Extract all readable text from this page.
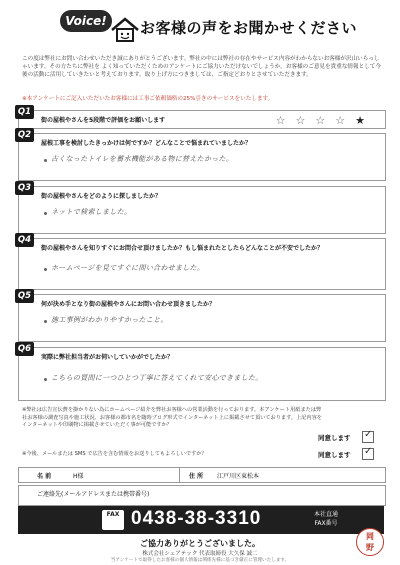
Voice!	お客様の声をお聞かせください
この度は弊社にお問い合わせいただき誠にありがとうございます。弊社の中には弊社の存在やサービス内容がわからないお客様が沢山いらっしゃいます。その方たちに弊社を よく知っていただくためのアンケートにご協力いただけないでしょうか。お客様のご意見を貴重な情報として今後の活動に活用していきたいと考えております。取り上げ方につきましては、ご指定どおりとさせていただきます。
※本アンケートにご記入いただいたお客様には工事ご依頼価格の25%引きのサービスをいたします。
Q1
街の屋根やさんを5段階で評価をお願いします	☆☆☆☆★
Q2
屋根工事を検討したきっかけは何ですか？どんなことで悩まれていましたか？
古くなったトイレを蓄水機能がある物に替えたかった。
Q3
街の屋根やさんをどのように探しましたか？
ネットで検索しました。
Q4
街の屋根やさんを知りすぐにお問合せ頂けましたか？もし悩まれたとしたらどんなことが不安でしたか？
ホームページを見てすぐに問い合わせました。
Q5
何が決め手となり街の屋根やさんにお問い合わせ頂きましたか？
施工事例がわかりやすかったこと。
Q6
実際に弊社担当者がお伺いしていかがでしたか？
こちらの質問に一つひとつ丁寧に答えてくれて安心できました。
※弊社は広告宣伝費を掛かりない為にホームページ紹介を弊社お客様への営業活動を行っております。本アンケート用紙または弊社お客様の調査写真や施工状況、お客様の都市名を随時ブログ形式でインターネット上に掲載させて頂いております。上記内容をインターネットや印刷物に掲載させていただく事が可能ですか？
同意します
✓
※今後、メールまたは SMS で広告を含む情報をお送りしてもよろしいですか？	同意します
✓
名 前	H様	住 所 江戸川区東松本
ご連絡先(メールアドレスまたは携帯番号)
FAX 0438-38-3310	本社直通
FAX番号
ご協力ありがとうございました。
株式会社シェアテック 代表取締役 大久保 誠二
当アンケートで取得したお客様の個人情報は関係先様に基づき厳正に管理いたします。
岡
野
